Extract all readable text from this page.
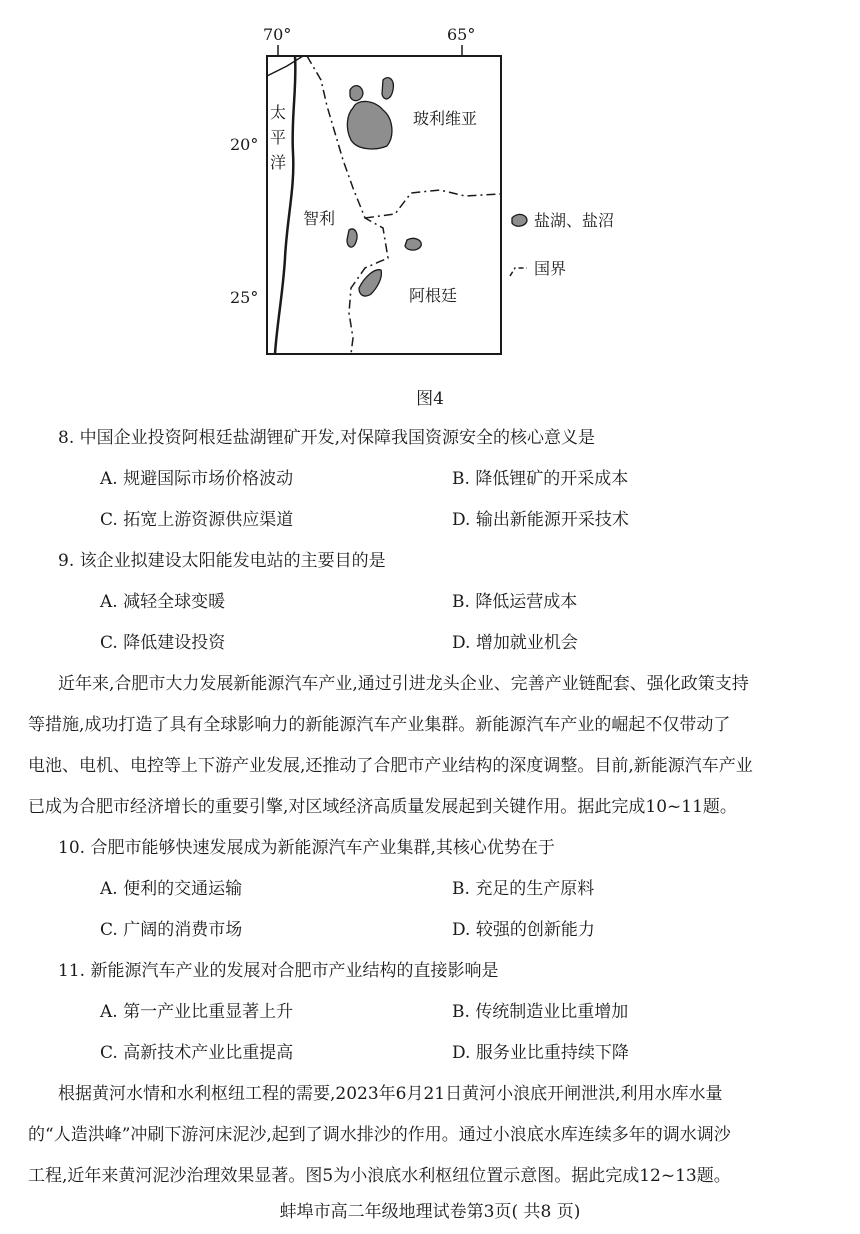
70°	65°
20°
25°
太
平
洋
玻利维亚
智利
阿根廷
盐湖、盐沼
国界
图4
8. 中国企业投资阿根廷盐湖锂矿开发,对保障我国资源安全的核心意义是
A. 规避国际市场价格波动	B. 降低锂矿的开采成本
C. 拓宽上游资源供应渠道	D. 输出新能源开采技术
9. 该企业拟建设太阳能发电站的主要目的是
A. 减轻全球变暖	B. 降低运营成本
C. 降低建设投资	D. 增加就业机会
近年来,合肥市大力发展新能源汽车产业,通过引进龙头企业、完善产业链配套、强化政策支持
等措施,成功打造了具有全球影响力的新能源汽车产业集群。新能源汽车产业的崛起不仅带动了
电池、电机、电控等上下游产业发展,还推动了合肥市产业结构的深度调整。目前,新能源汽车产业
已成为合肥市经济增长的重要引擎,对区域经济高质量发展起到关键作用。据此完成10~11题。
10. 合肥市能够快速发展成为新能源汽车产业集群,其核心优势在于
A. 便利的交通运输	B. 充足的生产原料
C. 广阔的消费市场	D. 较强的创新能力
11. 新能源汽车产业的发展对合肥市产业结构的直接影响是
A. 第一产业比重显著上升	B. 传统制造业比重增加
C. 高新技术产业比重提高	D. 服务业比重持续下降
根据黄河水情和水利枢纽工程的需要,2023年6月21日黄河小浪底开闸泄洪,利用水库水量
的“人造洪峰”冲刷下游河床泥沙,起到了调水排沙的作用。通过小浪底水库连续多年的调水调沙
工程,近年来黄河泥沙治理效果显著。图5为小浪底水利枢纽位置示意图。据此完成12~13题。
蚌埠市高二年级地理试卷第3页( 共8 页)
